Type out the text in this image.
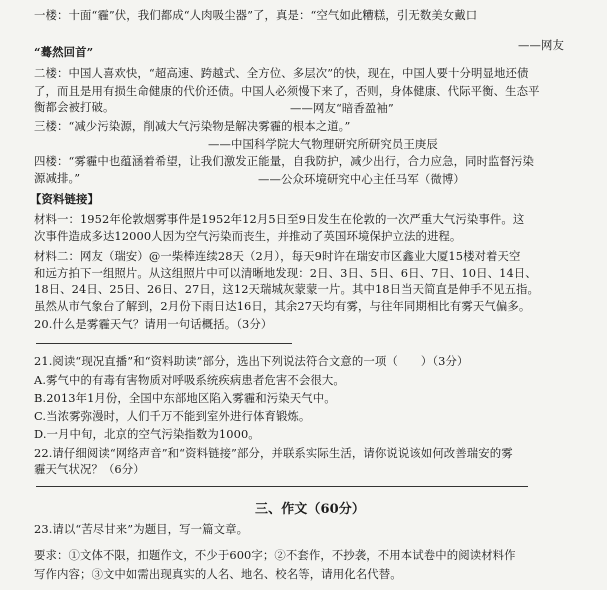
一楼：十面“霾”伏，我们都成“人肉吸尘器”了，真是：“空气如此糟糕，引无数美女戴口
——网友
“蓦然回首”
二楼：中国人喜欢快，“超高速、跨越式、全方位、多层次”的快，现在，中国人要十分明显地还债
了，而且是用有损生命健康的代价还债。中国人必须慢下来了，否则，身体健康、代际平衡、生态平
衡都会被打破。	——网友“暗香盈袖”
三楼：“减少污染源，削减大气污染物是解决雾霾的根本之道。”
——中国科学院大气物理研究所研究员王庚辰
四楼：“雾霾中也蕴涵着希望，让我们激发正能量，自我防护，减少出行，合力应急，同时监督污染
源减排。”	——公众环境研究中心主任马军（微博）
【资料链接】
材料一：1952年伦敦烟雾事件是1952年12月5日至9日发生在伦敦的一次严重大气污染事件。这
次事件造成多达12000人因为空气污染而丧生，并推动了英国环境保护立法的进程。
材料二：网友（瑞安）@一柴棒连续28天（2月），每天9时许在瑞安市区鑫业大厦15楼对着天空
和远方拍下一组照片。从这组照片中可以清晰地发现：2日、3日、5日、6日、7日、10日、14日、
18日、24日、25日、26日、27日，这12天瑞城灰蒙蒙一片。其中18日当天简直是伸手不见五指。
虽然从市气象台了解到，2月份下雨日达16日，其余27天均有雾，与往年同期相比有雾天气偏多。
20.什么是雾霾天气？请用一句话概括。（3分）
21.阅读“现况直播”和“资料助读”部分，选出下列说法符合文意的一项（　　）（3分）
A.雾气中的有毒有害物质对呼吸系统疾病患者危害不会很大。
B.2013年1月份，全国中东部地区陷入雾霾和污染天气中。
C.当浓雾弥漫时，人们千万不能到室外进行体育锻炼。
D.一月中旬，北京的空气污染指数为1000。
22.请仔细阅读“网络声音”和“资料链接”部分，并联系实际生活，请你说说该如何改善瑞安的雾
霾天气状况？（6分）
三、作文（60分）
23.请以“苦尽甘来”为题目，写一篇文章。
要求：①文体不限，扣题作文，不少于600字；②不套作，不抄袭，不用本试卷中的阅读材料作
写作内容；③文中如需出现真实的人名、地名、校名等，请用化名代替。
